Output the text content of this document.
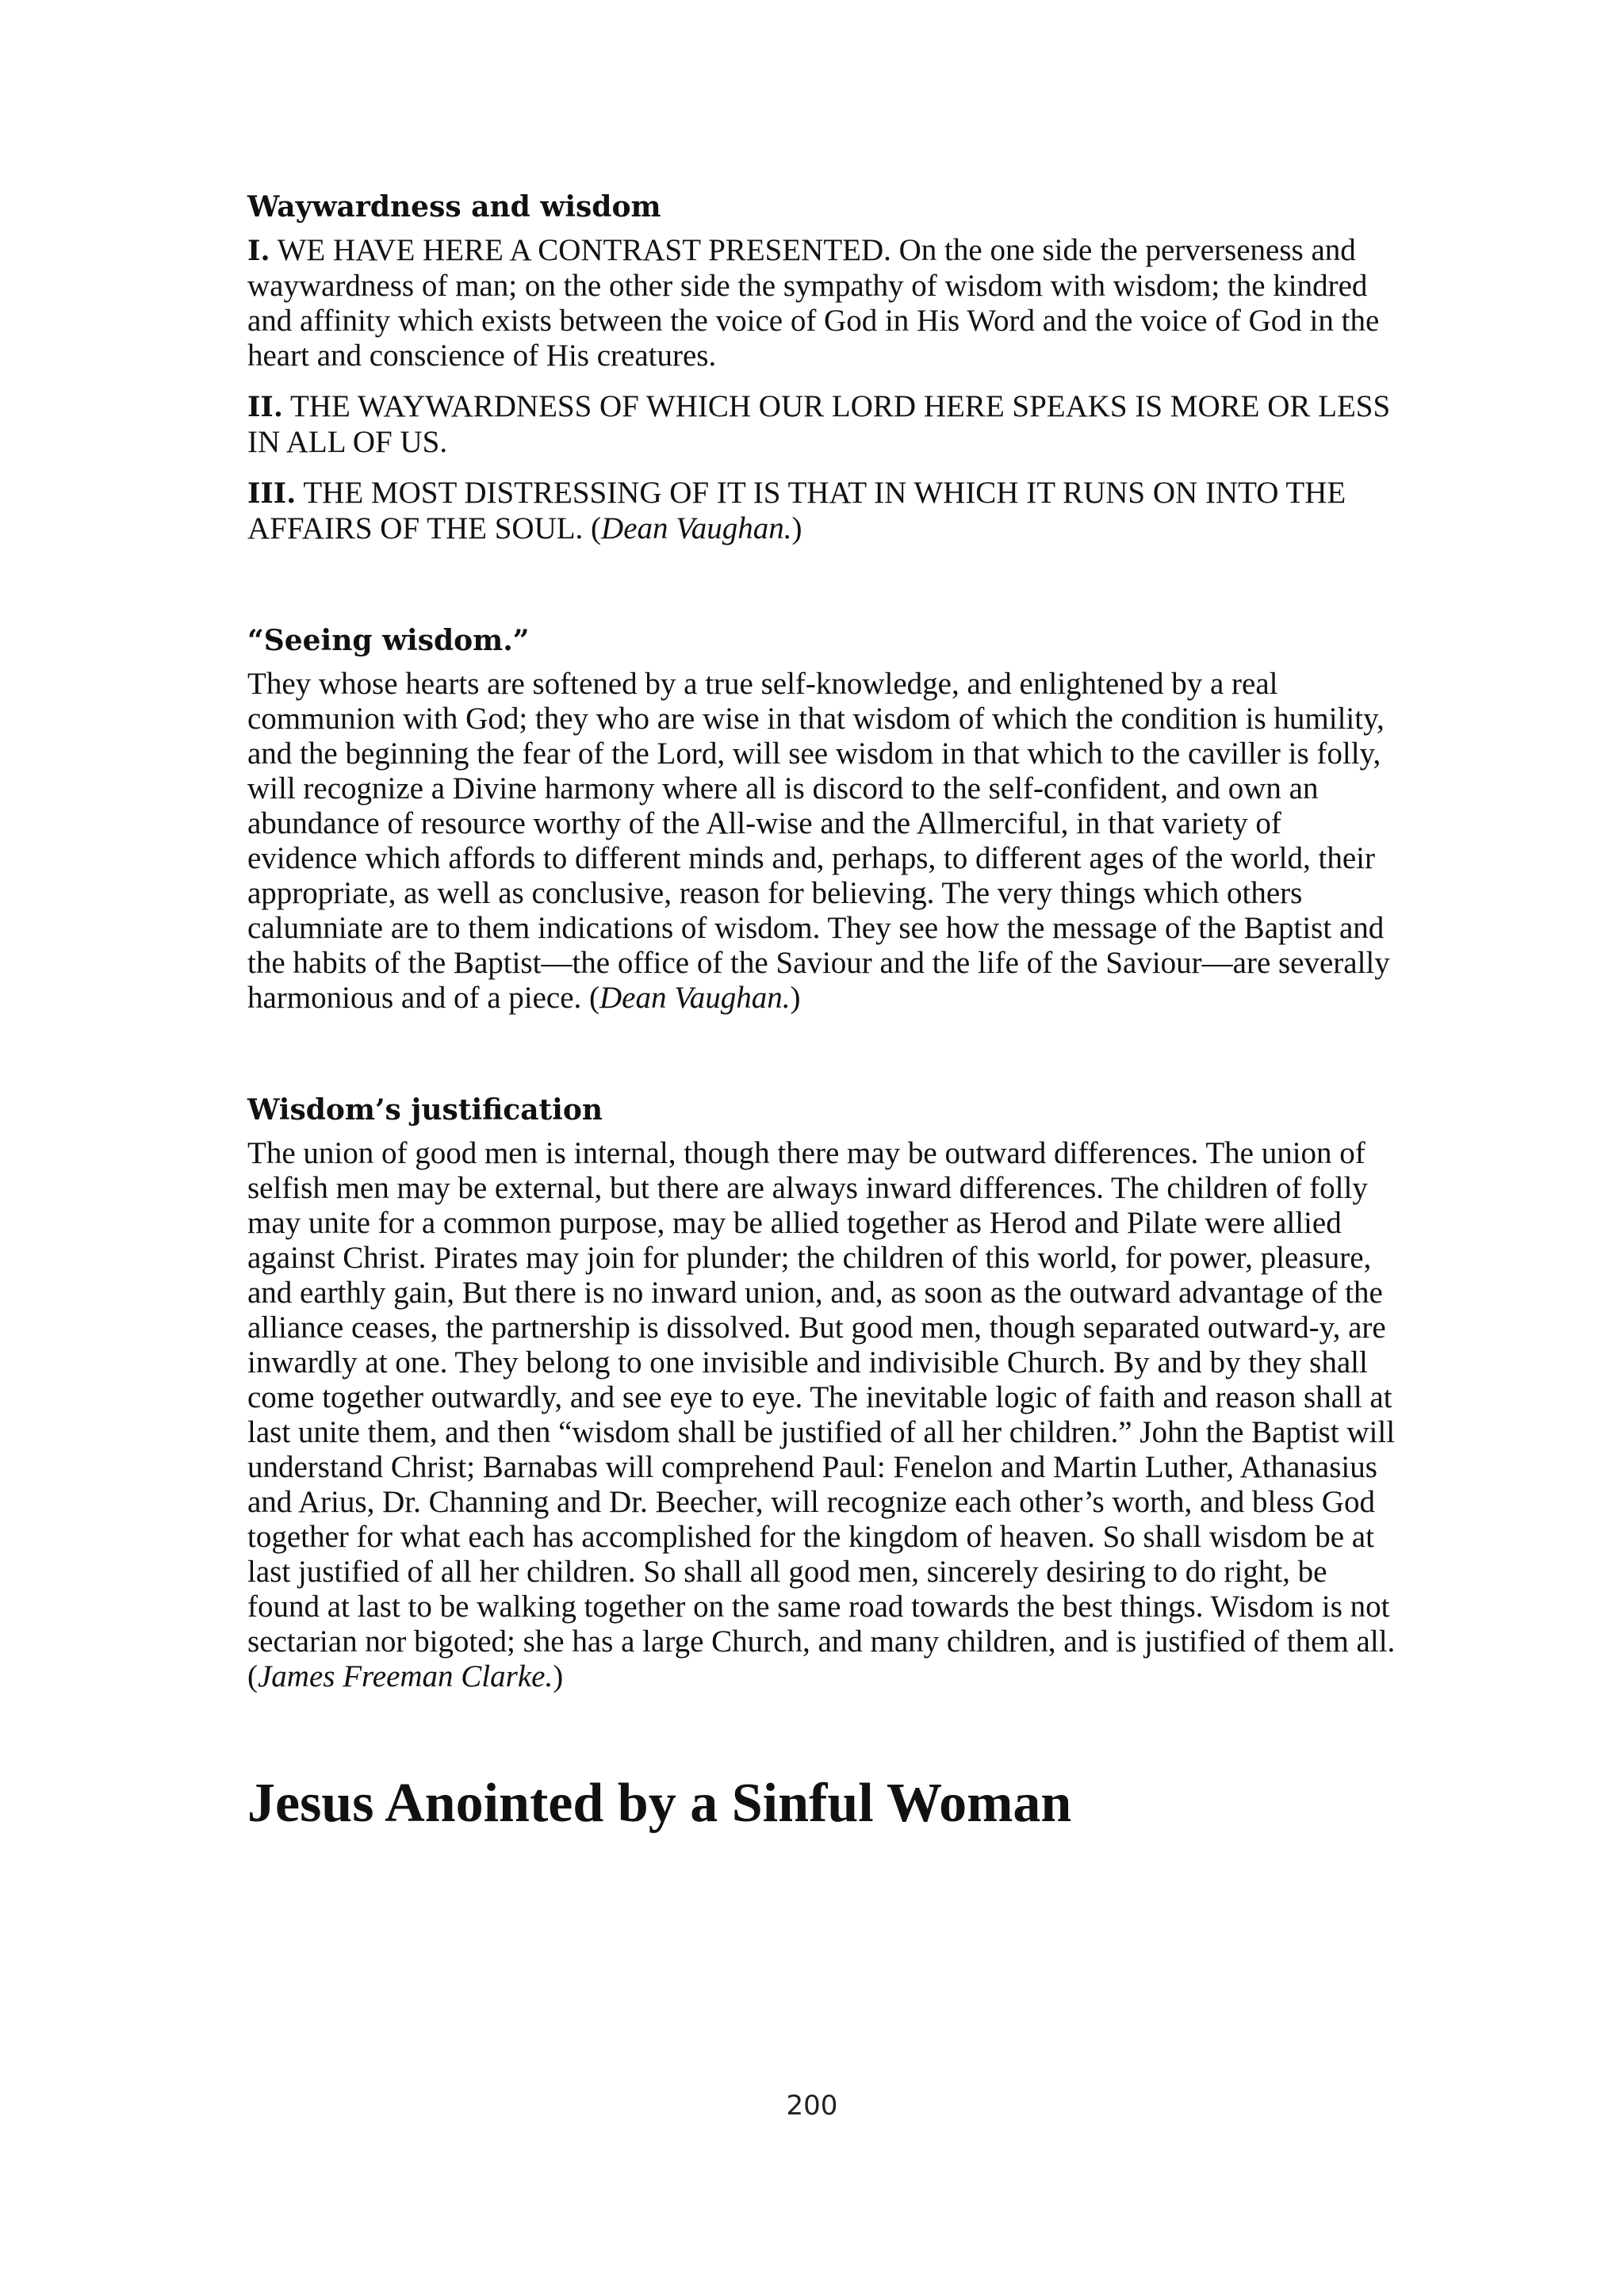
Waywardness and wisdom

I. WE HAVE HERE A CONTRAST PRESENTED. On the one side the perverseness and waywardness of man; on the other side the sympathy of wisdom with wisdom; the kindred and affinity which exists between the voice of God in His Word and the voice of God in the heart and conscience of His creatures.

II. THE WAYWARDNESS OF WHICH OUR LORD HERE SPEAKS IS MORE OR LESS IN ALL OF US.

III. THE MOST DISTRESSING OF IT IS THAT IN WHICH IT RUNS ON INTO THE AFFAIRS OF THE SOUL. (Dean Vaughan.)

“Seeing wisdom.”

They whose hearts are softened by a true self-knowledge, and enlightened by a real communion with God; they who are wise in that wisdom of which the condition is humility, and the beginning the fear of the Lord, will see wisdom in that which to the caviller is folly, will recognize a Divine harmony where all is discord to the self-confident, and own an abundance of resource worthy of the All-wise and the Allmerciful, in that variety of evidence which affords to different minds and, perhaps, to different ages of the world, their appropriate, as well as conclusive, reason for believing. The very things which others calumniate are to them indications of wisdom. They see how the message of the Baptist and the habits of the Baptist—the office of the Saviour and the life of the Saviour—are severally harmonious and of a piece. (Dean Vaughan.)

Wisdom’s justification

The union of good men is internal, though there may be outward differences. The union of selfish men may be external, but there are always inward differences. The children of folly may unite for a common purpose, may be allied together as Herod and Pilate were allied against Christ. Pirates may join for plunder; the children of this world, for power, pleasure, and earthly gain, But there is no inward union, and, as soon as the outward advantage of the alliance ceases, the partnership is dissolved. But good men, though separated outward-y, are inwardly at one. They belong to one invisible and indivisible Church. By and by they shall come together outwardly, and see eye to eye. The inevitable logic of faith and reason shall at last unite them, and then “wisdom shall be justified of all her children.” John the Baptist will understand Christ; Barnabas will comprehend Paul: Fenelon and Martin Luther, Athanasius and Arius, Dr. Channing and Dr. Beecher, will recognize each other’s worth, and bless God together for what each has accomplished for the kingdom of heaven. So shall wisdom be at last justified of all her children. So shall all good men, sincerely desiring to do right, be found at last to be walking together on the same road towards the best things. Wisdom is not sectarian nor bigoted; she has a large Church, and many children, and is justified of them all. (James Freeman Clarke.)

Jesus Anointed by a Sinful Woman
200
